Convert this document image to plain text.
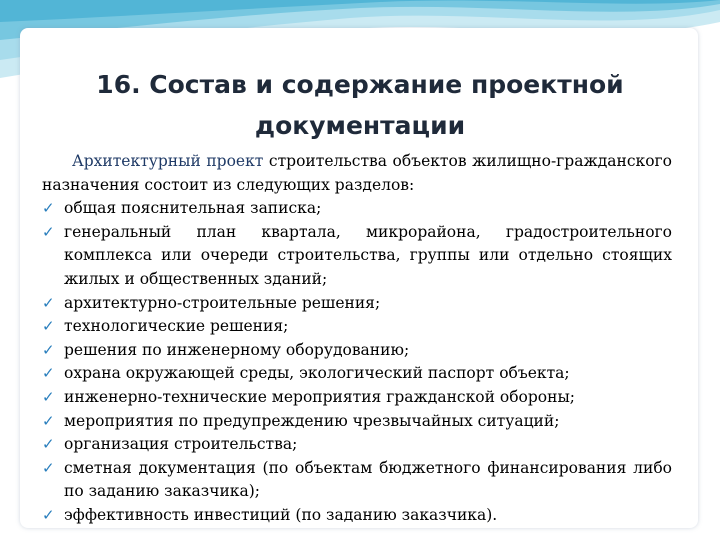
16. Состав и содержание проектной
документации
Архитектурный проект строительства объектов жилищно-гражданского назначения состоит из следующих разделов:
✓ общая пояснительная записка;
✓ генеральный план квартала, микрорайона, градостроительного комплекса или очереди строительства, группы или отдельно стоящих жилых и общественных зданий;
✓ архитектурно-строительные решения;
✓ технологические решения;
✓ решения по инженерному оборудованию;
✓ охрана окружающей среды, экологический паспорт объекта;
✓ инженерно-технические мероприятия гражданской обороны;
✓ мероприятия по предупреждению чрезвычайных ситуаций;
✓ организация строительства;
✓ сметная документация (по объектам бюджетного финансирования либо по заданию заказчика);
✓ эффективность инвестиций (по заданию заказчика).
